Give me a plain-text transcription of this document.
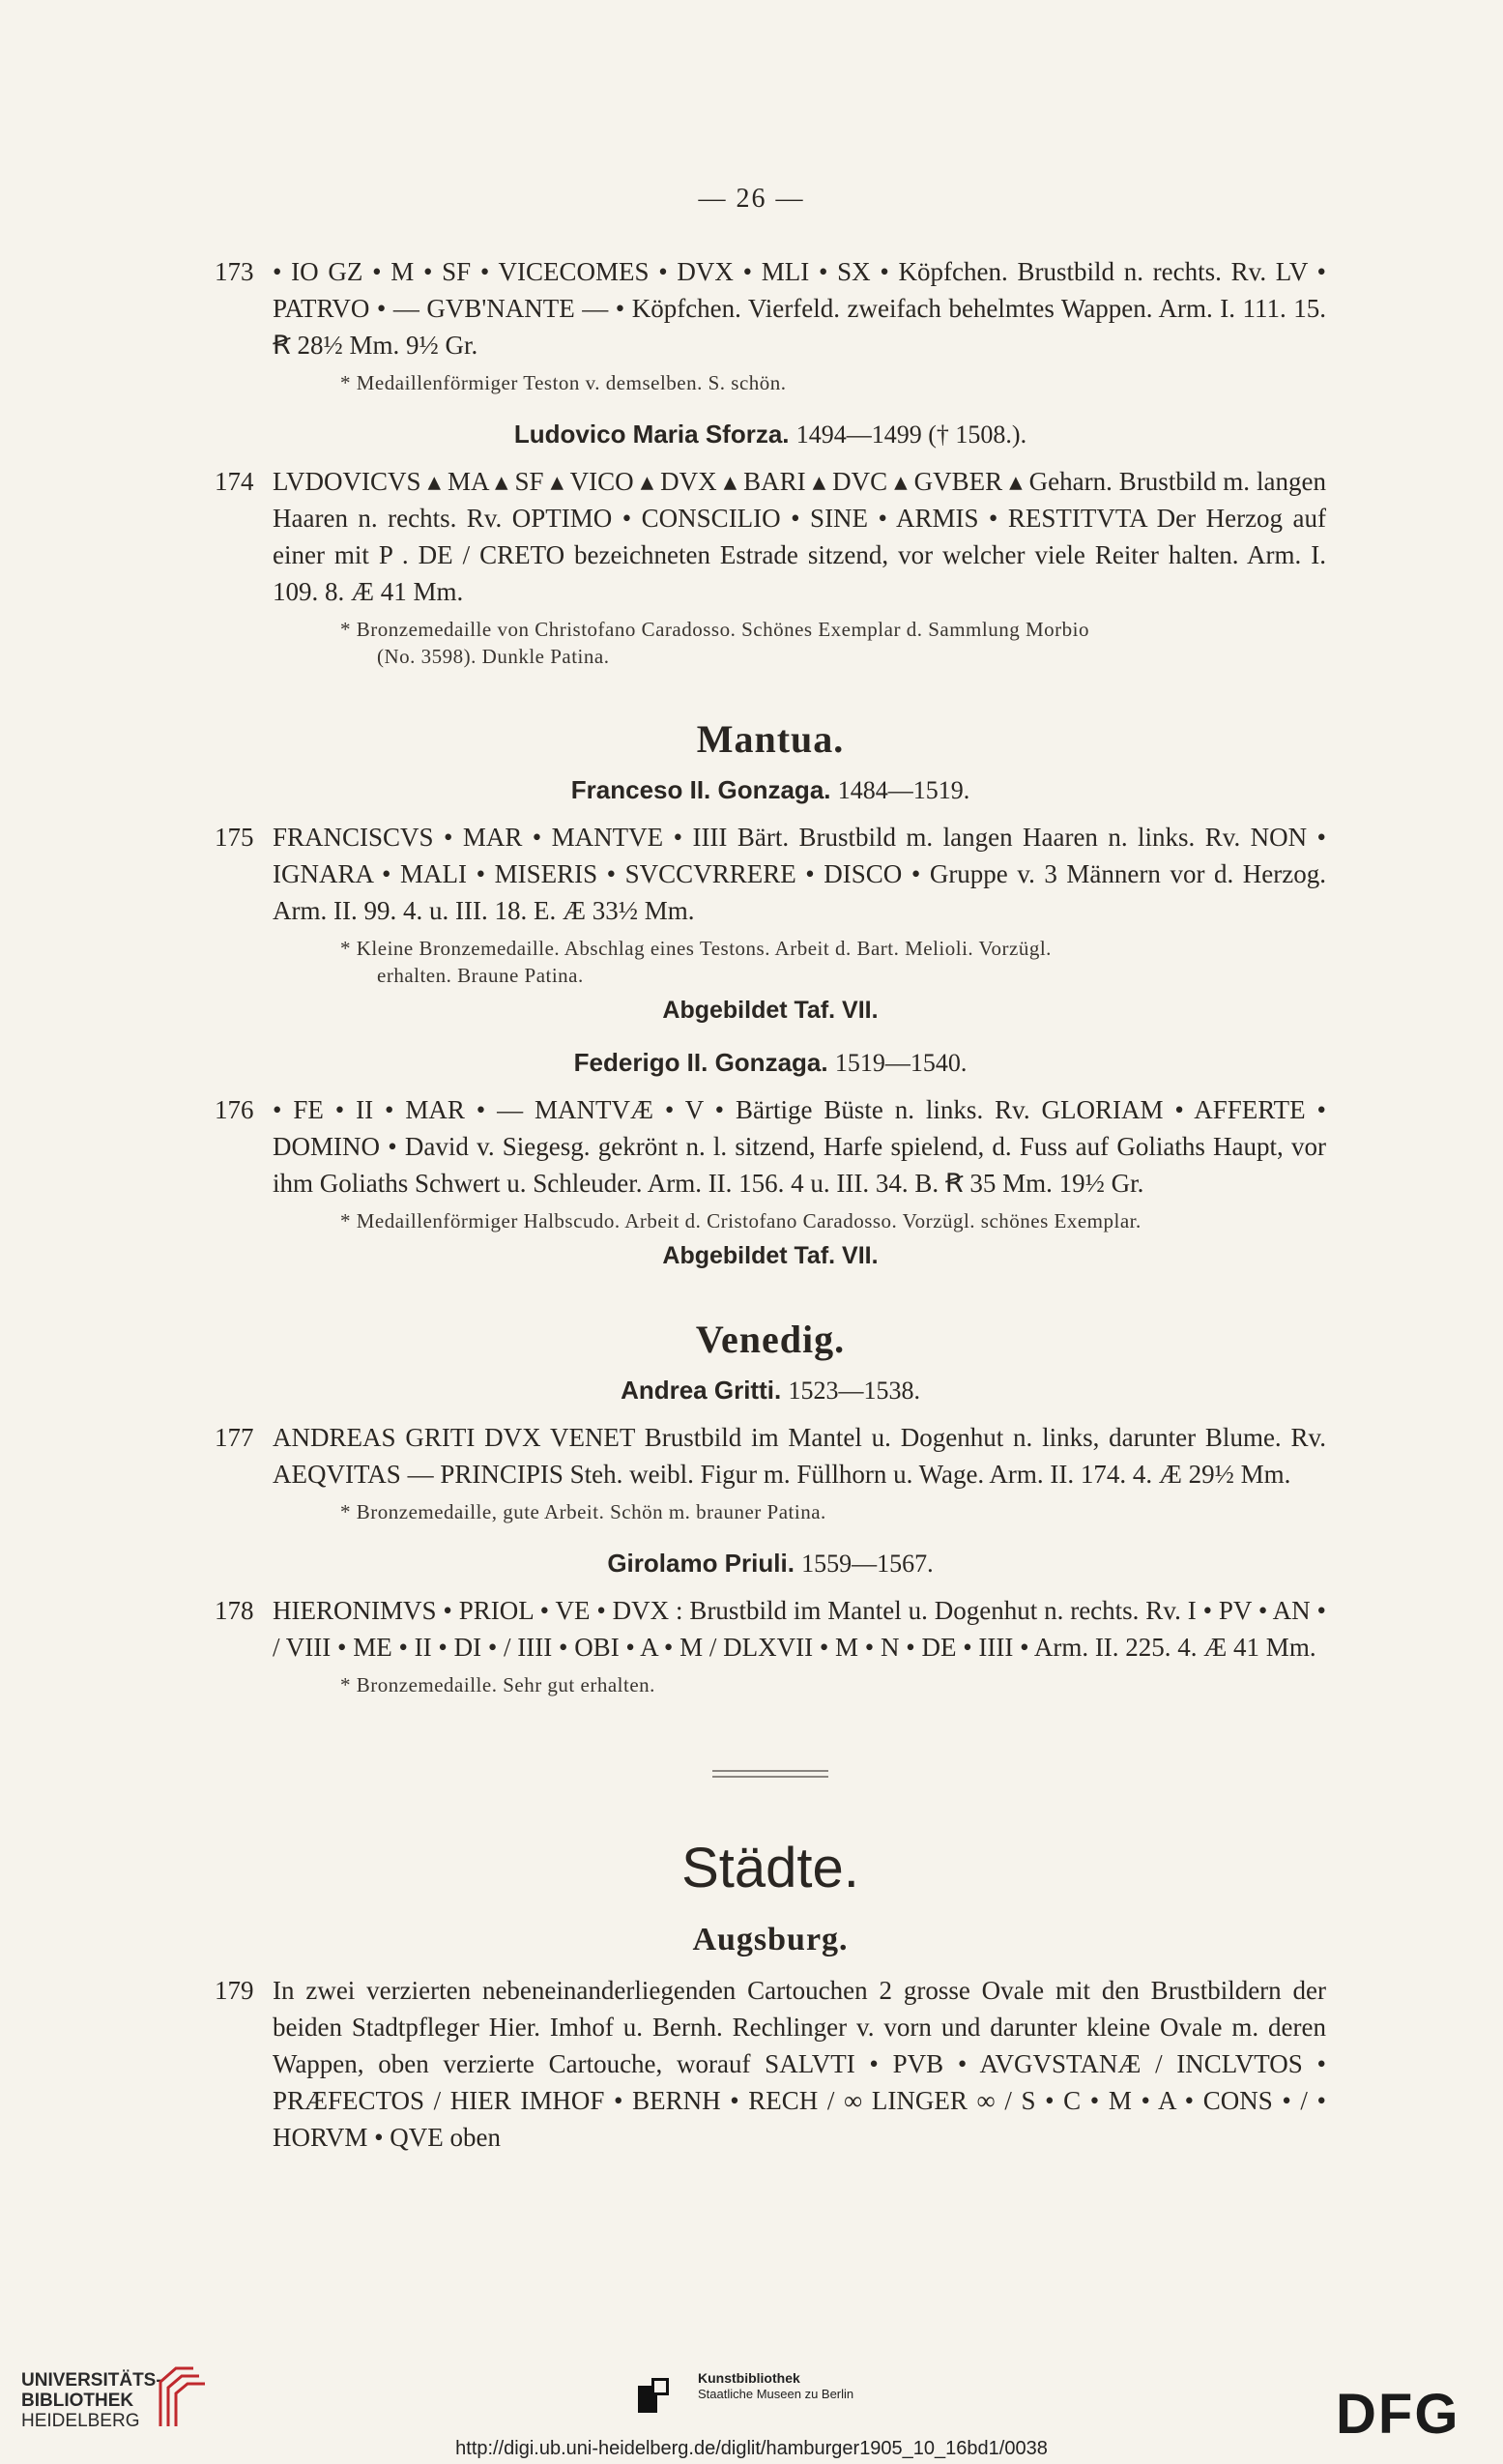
— 26 —
173 • IO GZ • M • SF • VICECOMES • DVX • MLI • SX • Köpfchen. Brustbild n. rechts. Rv. LV • PATRVO • — GVB'NANTE — • Köpfchen. Vierfeld. zweifach behelmtes Wappen. Arm. I. 111. 15. Ꞧ 28½ Mm. 9½ Gr.
* Medaillenförmiger Teston v. demselben. S. schön.
Ludovico Maria Sforza. 1494—1499 († 1508.).
174 LVDOVICVS ▴ MA ▴ SF ▴ VICO ▴ DVX ▴ BARI ▴ DVC ▴ GVBER ▴ Geharn. Brustbild m. langen Haaren n. rechts. Rv. OPTIMO • CONSCILIO • SINE • ARMIS • RESTITVTA Der Herzog auf einer mit P . DE / CRETO bezeichneten Estrade sitzend, vor welcher viele Reiter halten. Arm. I. 109. 8. Æ 41 Mm.
* Bronzemedaille von Christofano Caradosso. Schönes Exemplar d. Sammlung Morbio
(No. 3598). Dunkle Patina.
Mantua.
Franceso II. Gonzaga. 1484—1519.
175 FRANCISCVS • MAR • MANTVE • IIII Bärt. Brustbild m. langen Haaren n. links. Rv. NON • IGNARA • MALI • MISERIS • SVCCVRRERE • DISCO • Gruppe v. 3 Männern vor d. Herzog. Arm. II. 99. 4. u. III. 18. E. Æ 33½ Mm.
* Kleine Bronzemedaille. Abschlag eines Testons. Arbeit d. Bart. Melioli. Vorzügl.
erhalten. Braune Patina.
Abgebildet Taf. VII.
Federigo II. Gonzaga. 1519—1540.
176 • FE • II • MAR • — MANTVÆ • V • Bärtige Büste n. links. Rv. GLORIAM • AFFERTE • DOMINO • David v. Siegesg. gekrönt n. l. sitzend, Harfe spielend, d. Fuss auf Goliaths Haupt, vor ihm Goliaths Schwert u. Schleuder. Arm. II. 156. 4 u. III. 34. B. Ꞧ 35 Mm. 19½ Gr.
* Medaillenförmiger Halbscudo. Arbeit d. Cristofano Caradosso. Vorzügl. schönes Exemplar.
Abgebildet Taf. VII.
Venedig.
Andrea Gritti. 1523—1538.
177 ANDREAS GRITI DVX VENET Brustbild im Mantel u. Dogenhut n. links, darunter Blume. Rv. AEQVITAS — PRINCIPIS Steh. weibl. Figur m. Füllhorn u. Wage. Arm. II. 174. 4. Æ 29½ Mm.
* Bronzemedaille, gute Arbeit. Schön m. brauner Patina.
Girolamo Priuli. 1559—1567.
178 HIERONIMVS • PRIOL • VE • DVX : Brustbild im Mantel u. Dogenhut n. rechts. Rv. I • PV • AN • / VIII • ME • II • DI • / IIII • OBI • A • M / DLXVII • M • N • DE • IIII • Arm. II. 225. 4. Æ 41 Mm.
* Bronzemedaille. Sehr gut erhalten.
Städte.
Augsburg.
179 In zwei verzierten nebeneinanderliegenden Cartouchen 2 grosse Ovale mit den Brustbildern der beiden Stadtpfleger Hier. Imhof u. Bernh. Rechlinger v. vorn und darunter kleine Ovale m. deren Wappen, oben verzierte Cartouche, worauf SALVTI • PVB • AVGVSTANÆ / INCLVTOS • PRÆFECTOS / HIER IMHOF • BERNH • RECH / ∞ LINGER ∞ / S • C • M • A • CONS • / • HORVM • QVE oben
UNIVERSITÄTS-
BIBLIOTHEK
HEIDELBERG
Kunstbibliothek
Staatliche Museen zu Berlin	DFG
http://digi.ub.uni-heidelberg.de/diglit/hamburger1905_10_16bd1/0038
